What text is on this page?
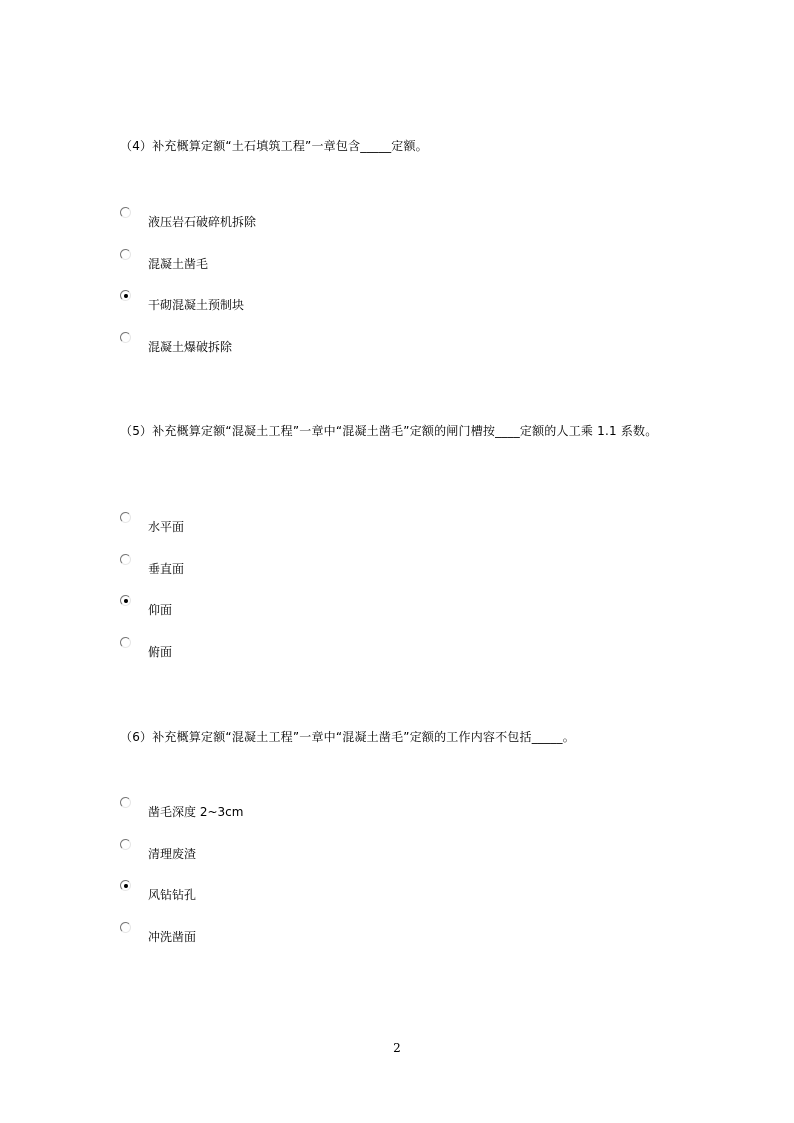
（4）补充概算定额“土石填筑工程”一章包含_____定额。
液压岩石破碎机拆除
混凝土凿毛
干砌混凝土预制块
混凝土爆破拆除
（5）补充概算定额“混凝土工程”一章中“混凝土凿毛”定额的闸门槽按____定额的人工乘 1.1 系数。
水平面
垂直面
仰面
俯面
（6）补充概算定额“混凝土工程”一章中“混凝土凿毛”定额的工作内容不包括_____。
凿毛深度 2~3cm
清理废渣
风钻钻孔
冲洗凿面
2
